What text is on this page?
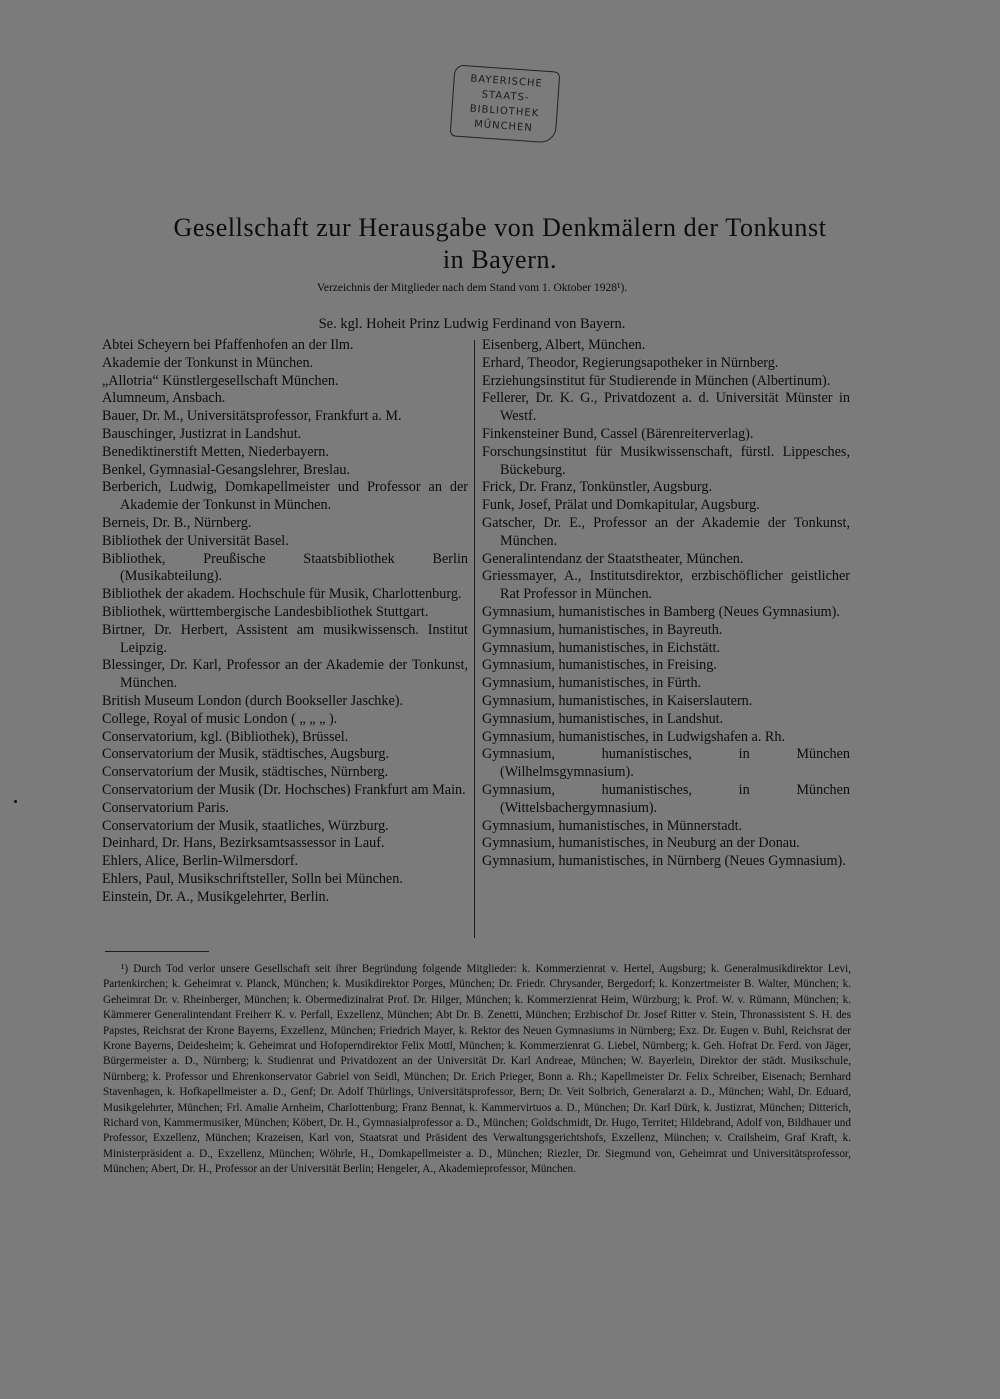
BAYERISCHE
STAATS-
BIBLIOTHEK
MÜNCHEN
Gesellschaft zur Herausgabe von Denkmälern der Tonkunst
in Bayern.
Verzeichnis der Mitglieder nach dem Stand vom 1. Oktober 1928¹).
Se. kgl. Hoheit Prinz Ludwig Ferdinand von Bayern.
Abtei Scheyern bei Pfaffenhofen an der Ilm.
Akademie der Tonkunst in München.
„Allotria“ Künstlergesellschaft München.
Alumneum, Ansbach.
Bauer, Dr. M., Universitätsprofessor, Frankfurt a. M.
Bauschinger, Justizrat in Landshut.
Benediktinerstift Metten, Niederbayern.
Benkel, Gymnasial-Gesangslehrer, Breslau.
Berberich, Ludwig, Domkapellmeister und Professor an der Akademie der Tonkunst in München.
Berneis, Dr. B., Nürnberg.
Bibliothek der Universität Basel.
Bibliothek, Preußische Staatsbibliothek Berlin (Musikabteilung).
Bibliothek der akadem. Hochschule für Musik, Charlottenburg.
Bibliothek, württembergische Landesbibliothek Stuttgart.
Birtner, Dr. Herbert, Assistent am musikwissensch. Institut Leipzig.
Blessinger, Dr. Karl, Professor an der Akademie der Tonkunst, München.
British Museum London (durch Bookseller Jaschke).
College, Royal of music London ( „ „ „ ).
Conservatorium, kgl. (Bibliothek), Brüssel.
Conservatorium der Musik, städtisches, Augsburg.
Conservatorium der Musik, städtisches, Nürnberg.
Conservatorium der Musik (Dr. Hochsches) Frankfurt am Main.
Conservatorium Paris.
Conservatorium der Musik, staatliches, Würzburg.
Deinhard, Dr. Hans, Bezirksamtsassessor in Lauf.
Ehlers, Alice, Berlin-Wilmersdorf.
Ehlers, Paul, Musikschriftsteller, Solln bei München.
Einstein, Dr. A., Musikgelehrter, Berlin.
Eisenberg, Albert, München.
Erhard, Theodor, Regierungsapotheker in Nürnberg.
Erziehungsinstitut für Studierende in München (Albertinum).
Fellerer, Dr. K. G., Privatdozent a. d. Universität Münster in Westf.
Finkensteiner Bund, Cassel (Bärenreiterverlag).
Forschungsinstitut für Musikwissenschaft, fürstl. Lippesches, Bückeburg.
Frick, Dr. Franz, Tonkünstler, Augsburg.
Funk, Josef, Prälat und Domkapitular, Augsburg.
Gatscher, Dr. E., Professor an der Akademie der Tonkunst, München.
Generalintendanz der Staatstheater, München.
Griessmayer, A., Institutsdirektor, erzbischöflicher geistlicher Rat Professor in München.
Gymnasium, humanistisches in Bamberg (Neues Gymnasium).
Gymnasium, humanistisches, in Bayreuth.
Gymnasium, humanistisches, in Eichstätt.
Gymnasium, humanistisches, in Freising.
Gymnasium, humanistisches, in Fürth.
Gymnasium, humanistisches, in Kaiserslautern.
Gymnasium, humanistisches, in Landshut.
Gymnasium, humanistisches, in Ludwigshafen a. Rh.
Gymnasium, humanistisches, in München (Wilhelmsgymnasium).
Gymnasium, humanistisches, in München (Wittelsbachergymnasium).
Gymnasium, humanistisches, in Münnerstadt.
Gymnasium, humanistisches, in Neuburg an der Donau.
Gymnasium, humanistisches, in Nürnberg (Neues Gymnasium).
¹) Durch Tod verlor unsere Gesellschaft seit ihrer Begründung folgende Mitglieder: k. Kommerzienrat v. Hertel, Augsburg; k. Generalmusikdirektor Levi, Partenkirchen; k. Geheimrat v. Planck, München; k. Musikdirektor Porges, München; Dr. Friedr. Chrysander, Bergedorf; k. Konzertmeister B. Walter, München; k. Geheimrat Dr. v. Rheinberger, München; k. Obermedizinalrat Prof. Dr. Hilger, München; k. Kommerzienrat Heim, Würzburg; k. Prof. W. v. Rümann, München; k. Kämmerer Generalintendant Freiherr K. v. Perfall, Exzellenz, München; Abt Dr. B. Zenetti, München; Erzbischof Dr. Josef Ritter v. Stein, Thronassistent S. H. des Papstes, Reichsrat der Krone Bayerns, Exzellenz, München; Friedrich Mayer, k. Rektor des Neuen Gymnasiums in Nürnberg; Exz. Dr. Eugen v. Buhl, Reichsrat der Krone Bayerns, Deidesheim; k. Geheimrat und Hofoperndirektor Felix Mottl, München; k. Kommerzienrat G. Liebel, Nürnberg; k. Geh. Hofrat Dr. Ferd. von Jäger, Bürgermeister a. D., Nürnberg; k. Studienrat und Privatdozent an der Universität Dr. Karl Andreae, München; W. Bayerlein, Direktor der städt. Musikschule, Nürnberg; k. Professor und Ehrenkonservator Gabriel von Seidl, München; Dr. Erich Prieger, Bonn a. Rh.; Kapellmeister Dr. Felix Schreiber, Eisenach; Bernhard Stavenhagen, k. Hofkapellmeister a. D., Genf; Dr. Adolf Thürlings, Universitätsprofessor, Bern; Dr. Veit Solbrich, Generalarzt a. D., München; Wahl, Dr. Eduard, Musikgelehrter, München; Frl. Amalie Arnheim, Charlottenburg; Franz Bennat, k. Kammervirtuos a. D., München; Dr. Karl Dürk, k. Justizrat, München; Ditterich, Richard von, Kammermusiker, München; Köbert, Dr. H., Gymnasialprofessor a. D., München; Goldschmidt, Dr. Hugo, Territet; Hildebrand, Adolf von, Bildhauer und Professor, Exzellenz, München; Krazeisen, Karl von, Staatsrat und Präsident des Verwaltungsgerichtshofs, Exzellenz, München; v. Crailsheim, Graf Kraft, k. Ministerpräsident a. D., Exzellenz, München; Wöhrle, H., Domkapellmeister a. D., München; Riezler, Dr. Siegmund von, Geheimrat und Universitätsprofessor, München; Abert, Dr. H., Professor an der Universität Berlin; Hengeler, A., Akademieprofessor, München.
